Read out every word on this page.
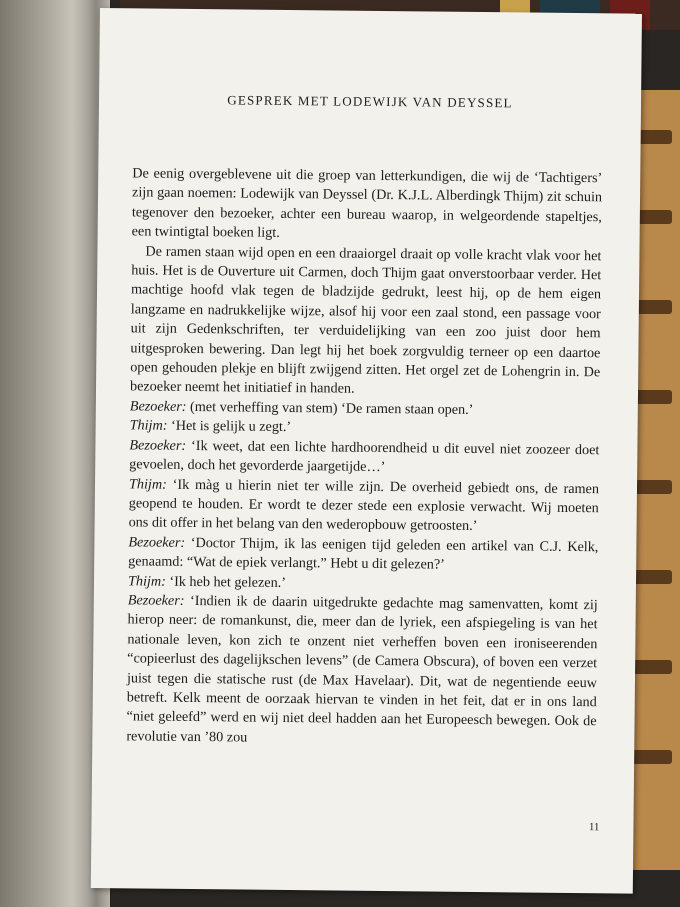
GESPREK MET LODEWIJK VAN DEYSSEL

De eenig overgeblevene uit die groep van letterkundigen, die wij de ‘Tachtigers’ zijn gaan noemen: Lodewijk van Deyssel (Dr. K.J.L. Alberdingk Thijm) zit schuin tegenover den bezoeker, achter een bureau waarop, in welgeordende stapeltjes, een twintigtal boeken ligt.

De ramen staan wijd open en een draaiorgel draait op volle kracht vlak voor het huis. Het is de Ouverture uit Carmen, doch Thijm gaat onverstoorbaar verder. Het machtige hoofd vlak tegen de bladzijde gedrukt, leest hij, op de hem eigen langzame en nadrukkelijke wijze, alsof hij voor een zaal stond, een passage voor uit zijn Gedenkschriften, ter verduidelijking van een zoo juist door hem uitgesproken bewering. Dan legt hij het boek zorgvuldig terneer op een daartoe open gehouden plekje en blijft zwijgend zitten. Het orgel zet de Lohengrin in. De bezoeker neemt het initiatief in handen.

Bezoeker: (met verheffing van stem) ‘De ramen staan open.’

Thijm: ‘Het is gelijk u zegt.’

Bezoeker: ‘Ik weet, dat een lichte hardhoorendheid u dit euvel niet zoozeer doet gevoelen, doch het gevorderde jaargetijde…’

Thijm: ‘Ik màg u hierin niet ter wille zijn. De overheid gebiedt ons, de ramen geopend te houden. Er wordt te dezer stede een explosie verwacht. Wij moeten ons dit offer in het belang van den wederopbouw getroosten.’

Bezoeker: ‘Doctor Thijm, ik las eenigen tijd geleden een artikel van C.J. Kelk, genaamd: “Wat de epiek verlangt.” Hebt u dit gelezen?’

Thijm: ‘Ik heb het gelezen.’

Bezoeker: ‘Indien ik de daarin uitgedrukte gedachte mag samenvatten, komt zij hierop neer: de romankunst, die, meer dan de lyriek, een afspiegeling is van het nationale leven, kon zich te onzent niet verheffen boven een ironiseerenden “copieerlust des dagelijkschen levens” (de Camera Obscura), of boven een verzet juist tegen die statische rust (de Max Havelaar). Dit, wat de negentiende eeuw betreft. Kelk meent de oorzaak hiervan te vinden in het feit, dat er in ons land “niet geleefd” werd en wij niet deel hadden aan het Europeesch bewegen. Ook de revolutie van ’80 zou

11
